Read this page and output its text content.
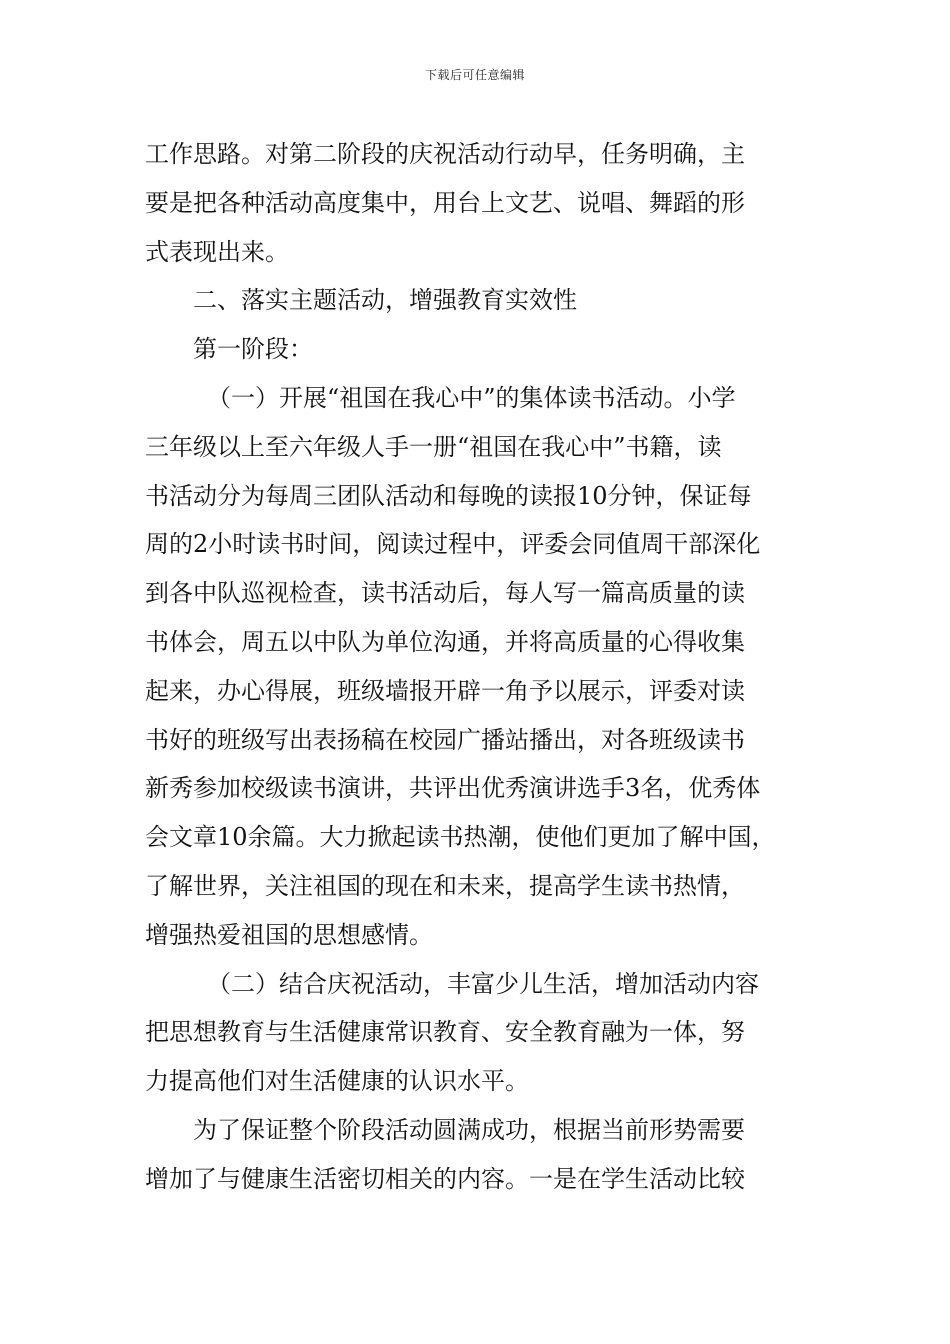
下载后可任意编辑
工作思路。对第二阶段的庆祝活动行动早，任务明确，主
要是把各种活动高度集中，用台上文艺、说唱、舞蹈的形
式表现出来。
二、落实主题活动，增强教育实效性
第一阶段：
（一）开展“祖国在我心中”的集体读书活动。小学
三年级以上至六年级人手一册“祖国在我心中”书籍，读
书活动分为每周三团队活动和每晚的读报10分钟，保证每
周的2小时读书时间，阅读过程中，评委会同值周干部深化
到各中队巡视检查，读书活动后，每人写一篇高质量的读
书体会，周五以中队为单位沟通，并将高质量的心得收集
起来，办心得展，班级墙报开辟一角予以展示，评委对读
书好的班级写出表扬稿在校园广播站播出，对各班级读书
新秀参加校级读书演讲，共评出优秀演讲选手3名，优秀体
会文章10余篇。大力掀起读书热潮，使他们更加了解中国，
了解世界，关注祖国的现在和未来，提高学生读书热情，
增强热爱祖国的思想感情。
（二）结合庆祝活动，丰富少儿生活，增加活动内容
把思想教育与生活健康常识教育、安全教育融为一体，努
力提高他们对生活健康的认识水平。
为了保证整个阶段活动圆满成功，根据当前形势需要
增加了与健康生活密切相关的内容。一是在学生活动比较
